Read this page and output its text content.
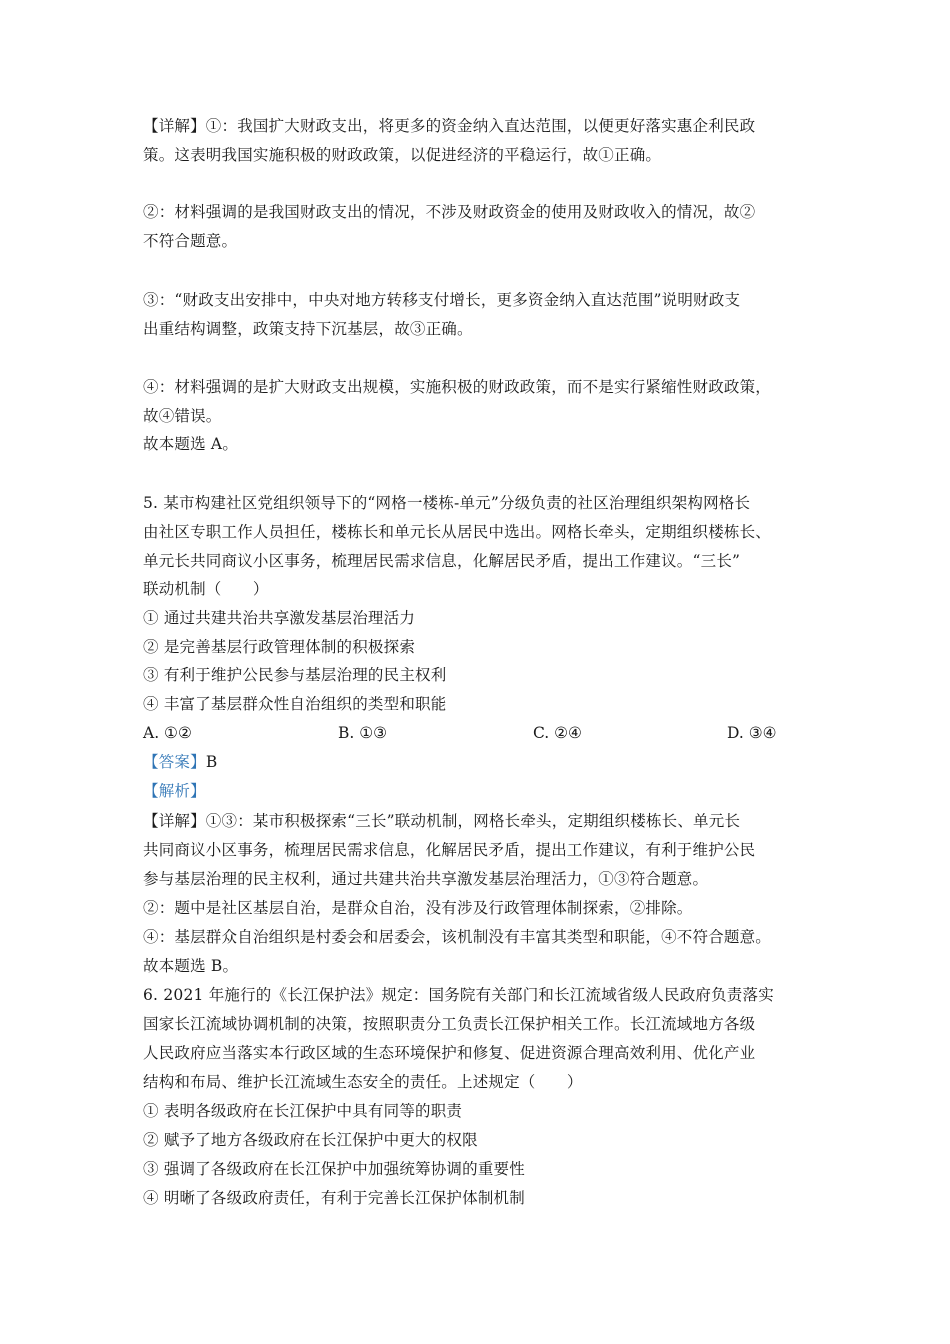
【详解】①：我国扩大财政支出，将更多的资金纳入直达范围，以便更好落实惠企利民政
策。这表明我国实施积极的财政政策，以促进经济的平稳运行，故①正确。
②：材料强调的是我国财政支出的情况，不涉及财政资金的使用及财政收入的情况，故②
不符合题意。
③：“财政支出安排中，中央对地方转移支付增长，更多资金纳入直达范围”说明财政支
出重结构调整，政策支持下沉基层，故③正确。
④：材料强调的是扩大财政支出规模，实施积极的财政政策，而不是实行紧缩性财政政策，
故④错误。
故本题选 A。
5. 某市构建社区党组织领导下的“网格一楼栋-单元”分级负责的社区治理组织架构网格长
由社区专职工作人员担任，楼栋长和单元长从居民中选出。网格长牵头，定期组织楼栋长、
单元长共同商议小区事务，梳理居民需求信息，化解居民矛盾，提出工作建议。“三长”
联动机制（　　）
① 通过共建共治共享激发基层治理活力
② 是完善基层行政管理体制的积极探索
③ 有利于维护公民参与基层治理的民主权利
④ 丰富了基层群众性自治组织的类型和职能
A. ①②	B. ①③	C. ②④	D. ③④
【答案】B
【解析】
【详解】①③：某市积极探索“三长”联动机制，网格长牵头，定期组织楼栋长、单元长
共同商议小区事务，梳理居民需求信息，化解居民矛盾，提出工作建议，有利于维护公民
参与基层治理的民主权利，通过共建共治共享激发基层治理活力，①③符合题意。
②：题中是社区基层自治，是群众自治，没有涉及行政管理体制探索，②排除。
④：基层群众自治组织是村委会和居委会，该机制没有丰富其类型和职能，④不符合题意。
故本题选 B。
6. 2021 年施行的《长江保护法》规定：国务院有关部门和长江流域省级人民政府负责落实
国家长江流域协调机制的决策，按照职责分工负责长江保护相关工作。长江流域地方各级
人民政府应当落实本行政区域的生态环境保护和修复、促进资源合理高效利用、优化产业
结构和布局、维护长江流域生态安全的责任。上述规定（　　）
① 表明各级政府在长江保护中具有同等的职责
② 赋予了地方各级政府在长江保护中更大的权限
③ 强调了各级政府在长江保护中加强统筹协调的重要性
④ 明晰了各级政府责任，有利于完善长江保护体制机制
